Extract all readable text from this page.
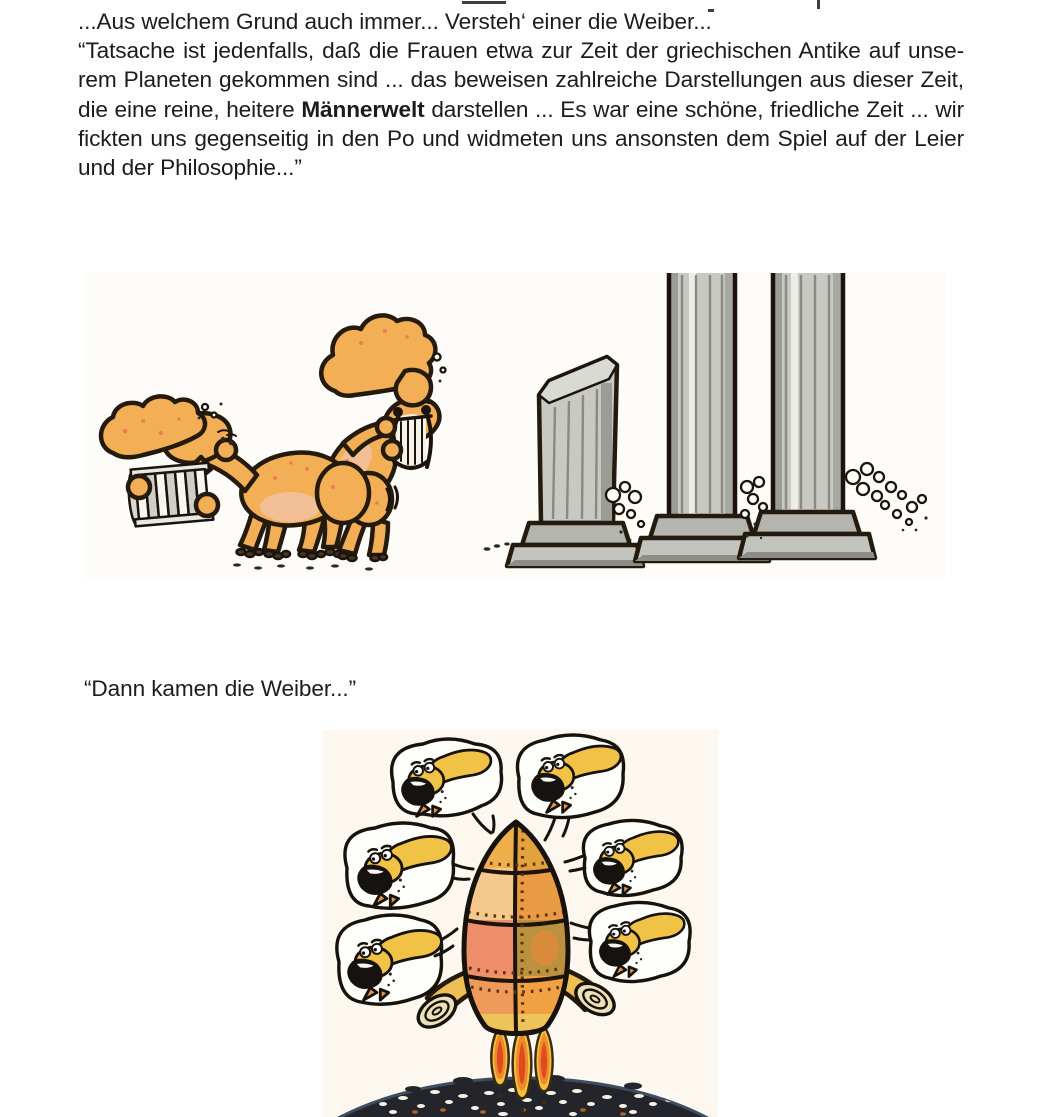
...Aus welchem Grund auch immer... Versteh‘ einer die Weiber...
“Tatsache ist jedenfalls, daß die Frauen etwa zur Zeit der griechischen Antike auf unse-
rem Planeten gekommen sind ... das beweisen zahlreiche Darstellungen aus dieser Zeit,
die eine reine, heitere Männerwelt darstellen ... Es war eine schöne, friedliche Zeit ... wir
fickten uns gegenseitig in den Po und widmeten uns ansonsten dem Spiel auf der Leier
und der Philosophie...”
“Dann kamen die Weiber...”
